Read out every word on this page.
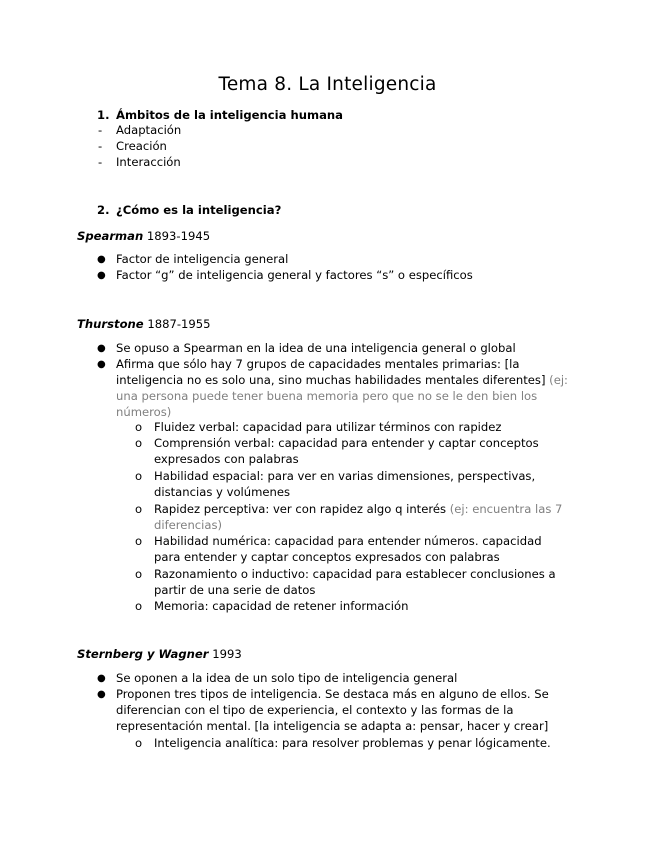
Tema 8. La Inteligencia
1. Ámbitos de la inteligencia humana
- Adaptación
- Creación
- Interacción
2. ¿Cómo es la inteligencia?
Spearman 1893-1945
● Factor de inteligencia general
● Factor “g” de inteligencia general y factores “s” o específicos
Thurstone 1887-1955
● Se opuso a Spearman en la idea de una inteligencia general o global
● Afirma que sólo hay 7 grupos de capacidades mentales primarias: [la
inteligencia no es solo una, sino muchas habilidades mentales diferentes] (ej:
una persona puede tener buena memoria pero que no se le den bien los
números)
o Fluidez verbal: capacidad para utilizar términos con rapidez
o Comprensión verbal: capacidad para entender y captar conceptos
expresados con palabras
o Habilidad espacial: para ver en varias dimensiones, perspectivas,
distancias y volúmenes
o Rapidez perceptiva: ver con rapidez algo q interés (ej: encuentra las 7
diferencias)
o Habilidad numérica: capacidad para entender números. capacidad
para entender y captar conceptos expresados con palabras
o Razonamiento o inductivo: capacidad para establecer conclusiones a
partir de una serie de datos
o Memoria: capacidad de retener información
Sternberg y Wagner 1993
● Se oponen a la idea de un solo tipo de inteligencia general
● Proponen tres tipos de inteligencia. Se destaca más en alguno de ellos. Se
diferencian con el tipo de experiencia, el contexto y las formas de la
representación mental. [la inteligencia se adapta a: pensar, hacer y crear]
o Inteligencia analítica: para resolver problemas y penar lógicamente.
